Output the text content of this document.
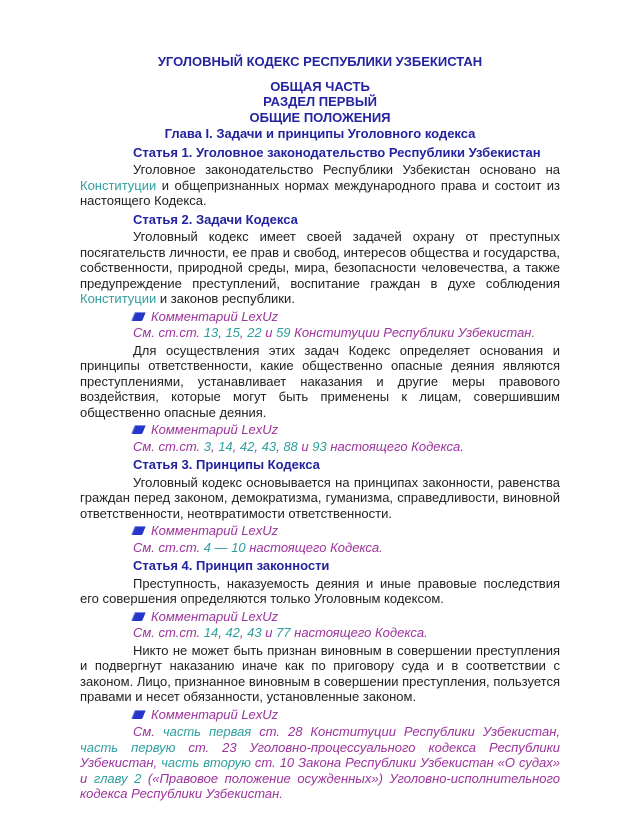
УГОЛОВНЫЙ КОДЕКС РЕСПУБЛИКИ УЗБЕКИСТАН

ОБЩАЯ ЧАСТЬ

РАЗДЕЛ ПЕРВЫЙ

ОБЩИЕ ПОЛОЖЕНИЯ

Глава I. Задачи и принципы Уголовного кодекса

Статья 1. Уголовное законодательство Республики Узбекистан

Уголовное законодательство Республики Узбекистан основано на Конституции и общепризнанных нормах международного права и состоит из настоящего Кодекса.

Статья 2. Задачи Кодекса

Уголовный кодекс имеет своей задачей охрану от преступных посягательств личности, ее прав и свобод, интересов общества и государства, собственности, природной среды, мира, безопасности человечества, а также предупреждение преступлений, воспитание граждан в духе соблюдения Конституции и законов республики.

Комментарий LexUz

См. ст.ст. 13, 15, 22 и 59 Конституции Республики Узбекистан.

Для осуществления этих задач Кодекс определяет основания и принципы ответственности, какие общественно опасные деяния являются преступлениями, устанавливает наказания и другие меры правового воздействия, которые могут быть применены к лицам, совершившим общественно опасные деяния.

Комментарий LexUz

См. ст.ст. 3, 14, 42, 43, 88 и 93 настоящего Кодекса.

Статья 3. Принципы Кодекса

Уголовный кодекс основывается на принципах законности, равенства граждан перед законом, демократизма, гуманизма, справедливости, виновной ответственности, неотвратимости ответственности.

Комментарий LexUz

См. ст.ст. 4 — 10 настоящего Кодекса.

Статья 4. Принцип законности

Преступность, наказуемость деяния и иные правовые последствия его совершения определяются только Уголовным кодексом.

Комментарий LexUz

См. ст.ст. 14, 42, 43 и 77 настоящего Кодекса.

Никто не может быть признан виновным в совершении преступления и подвергнут наказанию иначе как по приговору суда и в соответствии с законом. Лицо, признанное виновным в совершении преступления, пользуется правами и несет обязанности, установленные законом.

Комментарий LexUz

См. часть первая ст. 28 Конституции Республики Узбекистан, часть первую ст. 23 Уголовно-процессуального кодекса Республики Узбекистан, часть вторую ст. 10 Закона Республики Узбекистан «О судах» и главу 2 («Правовое положение осужденных») Уголовно-исполнительного кодекса Республики Узбекистан.
